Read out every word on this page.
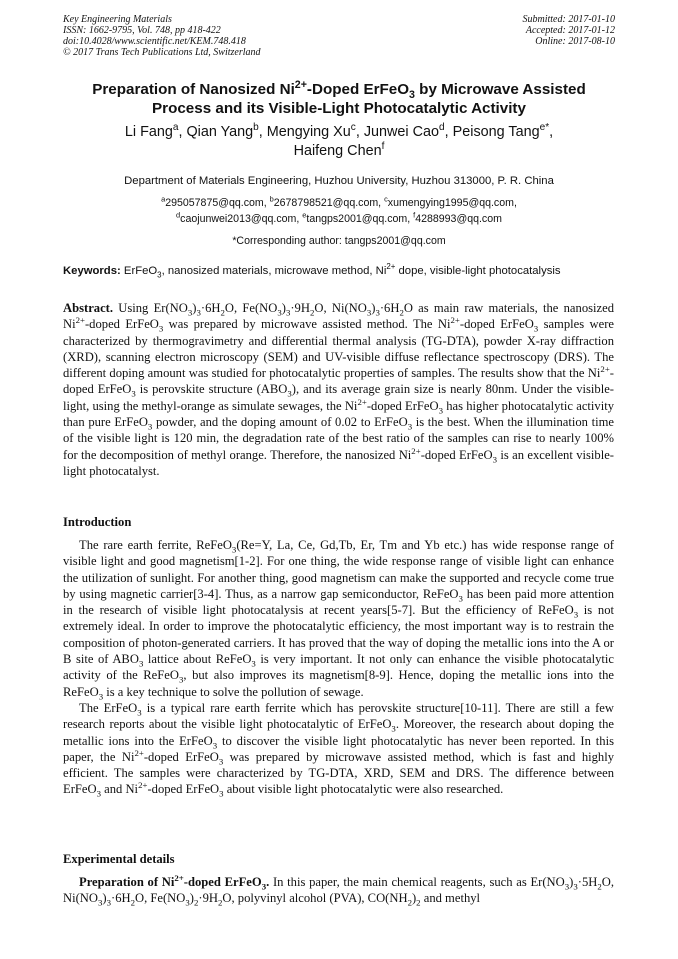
Key Engineering Materials
ISSN: 1662-9795, Vol. 748, pp 418-422
doi:10.4028/www.scientific.net/KEM.748.418
© 2017 Trans Tech Publications Ltd, Switzerland
Submitted: 2017-01-10
Accepted: 2017-01-12
Online: 2017-08-10
Preparation of Nanosized $Ni^{2+}$-Doped ErFeO$_3$ by Microwave Assisted
Process and its Visible-Light Photocatalytic Activity
Li Fang$^a$, Qian Yang$^b$, Mengying Xu$^c$, Junwei Cao$^d$, Peisong Tang$^{e*}$,
Haifeng Chen$^f$
Department of Materials Engineering, Huzhou University, Huzhou 313000, P. R. China
$^a$295057875@qq.com, $^b$2678798521@qq.com, $^c$xumengying1995@qq.com,
$^d$caojunwei2013@qq.com, $^e$tangps2001@qq.com, $^f$4288993@qq.com
*Corresponding author: tangps2001@qq.com
Keywords: ErFeO$_3$, nanosized materials, microwave method, $Ni^{2+}$ dope, visible-light photocatalysis
Abstract. Using $Er(NO_3)_3\cdot 6H_2O$, $Fe(NO_3)_3\cdot 9H_2O$, $Ni(NO_3)_3\cdot 6H_2O$ as main raw materials, the nanosized $Ni^{2+}$-doped ErFeO$_3$ was prepared by microwave assisted method. The $Ni^{2+}$-doped ErFeO$_3$ samples were characterized by thermogravimetry and differential thermal analysis (TG-DTA), powder X-ray diffraction (XRD), scanning electron microscopy (SEM) and UV-visible diffuse reflectance spectroscopy (DRS). The different doping amount was studied for photocatalytic properties of samples. The results show that the $Ni^{2+}$-doped ErFeO$_3$ is perovskite structure $(ABO_3)$, and its average grain size is nearly 80nm. Under the visible-light, using the methyl-orange as simulate sewages, the $Ni^{2+}$-doped ErFeO$_3$ has higher photocatalytic activity than pure ErFeO$_3$ powder, and the doping amount of 0.02 to ErFeO$_3$ is the best. When the illumination time of the visible light is 120 min, the degradation rate of the best ratio of the samples can rise to nearly 100% for the decomposition of methyl orange. Therefore, the nanosized $Ni^{2+}$-doped ErFeO$_3$ is an excellent visible-light photocatalyst.
Introduction

The rare earth ferrite, ReFeO$_3$(Re=Y, La, Ce, Gd,Tb, Er, Tm and Yb etc.) has wide response range of visible light and good magnetism[1-2]. For one thing, the wide response range of visible light can enhance the utilization of sunlight. For another thing, good magnetism can make the supported and recycle come true by using magnetic carrier[3-4]. Thus, as a narrow gap semiconductor, ReFeO$_3$ has been paid more attention in the research of visible light photocatalysis at recent years[5-7]. But the efficiency of ReFeO$_3$ is not extremely ideal. In order to improve the photocatalytic efficiency, the most important way is to restrain the composition of photon-generated carriers. It has proved that the way of doping the metallic ions into the A or B site of $ABO_3$ lattice about ReFeO$_3$ is very important. It not only can enhance the visible photocatalytic activity of the ReFeO$_3$, but also improves its magnetism[8-9]. Hence, doping the metallic ions into the ReFeO$_3$ is a key technique to solve the pollution of sewage.

The ErFeO$_3$ is a typical rare earth ferrite which has perovskite structure[10-11]. There are still a few research reports about the visible light photocatalytic of ErFeO$_3$. Moreover, the research about doping the metallic ions into the ErFeO$_3$ to discover the visible light photocatalytic has never been reported. In this paper, the $Ni^{2+}$-doped ErFeO$_3$ was prepared by microwave assisted method, which is fast and highly efficient. The samples were characterized by TG-DTA, XRD, SEM and DRS. The difference between ErFeO$_3$ and $Ni^{2+}$-doped ErFeO$_3$ about visible light photocatalytic were also researched.

Experimental details

Preparation of $Ni^{2+}$-doped ErFeO$_3$. In this paper, the main chemical reagents, such as $Er(NO_3)_3\cdot 5H_2O$, $Ni(NO_3)_3\cdot 6H_2O$, $Fe(NO_3)_2\cdot 9H_2O$, polyvinyl alcohol (PVA), $CO(NH_2)_2$ and methyl
